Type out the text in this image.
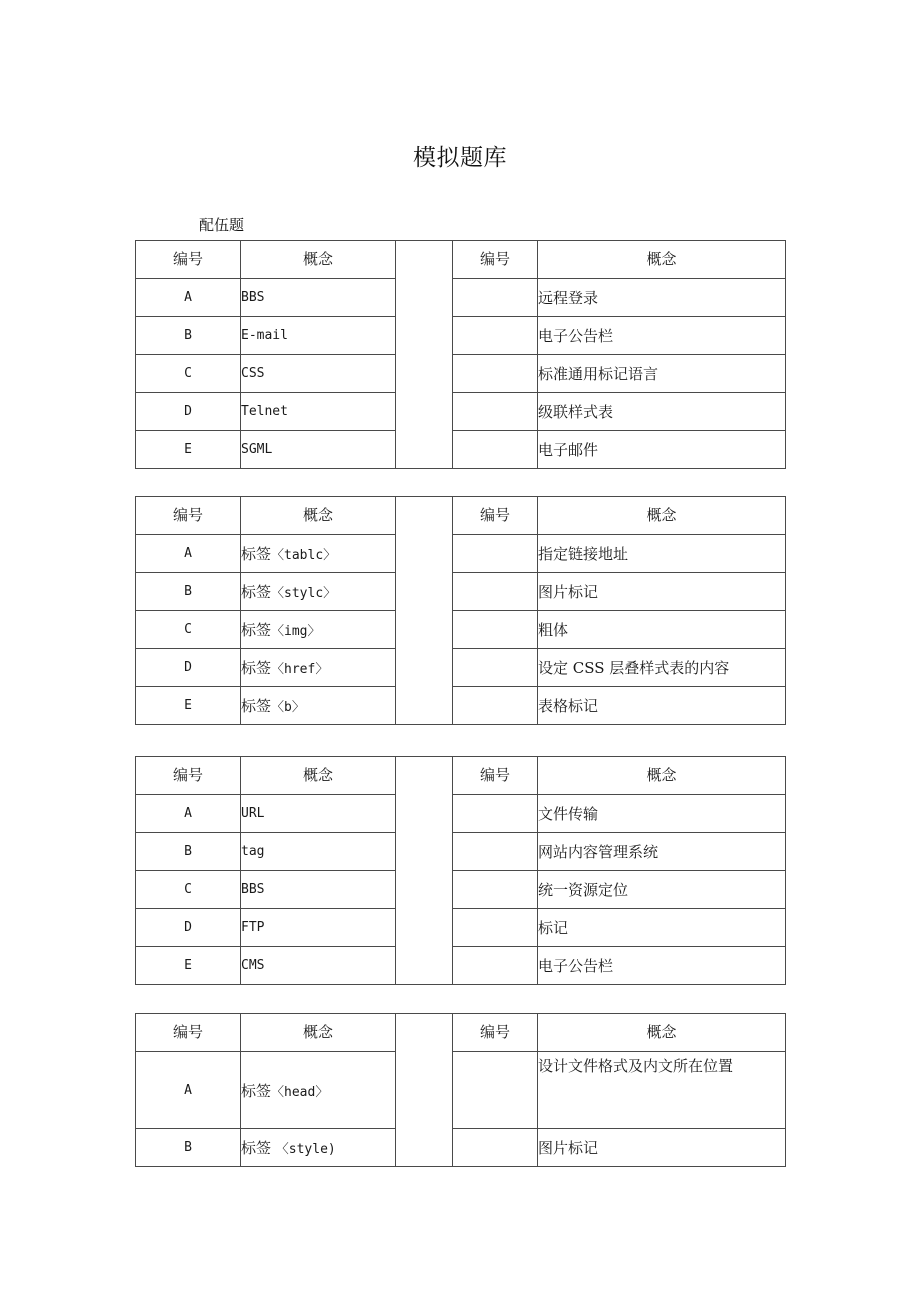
模拟题库
配伍题
编号	概念		编号	概念
A	BBS			远程登录
B	E-mail			电子公告栏
C	CSS			标准通用标记语言
D	Telnet			级联样式表
E	SGML			电子邮件
编号	概念		编号	概念
A	标签〈tablc〉			指定链接地址
B	标签〈stylc〉			图片标记
C	标签〈img〉			粗体
D	标签〈href〉			设定 CSS 层叠样式表的内容
E	标签〈b〉			表格标记
编号	概念		编号	概念
A	URL			文件传输
B	tag			网站内容管理系统
C	BBS			统一资源定位
D	FTP			标记
E	CMS			电子公告栏
编号	概念		编号	概念
A	标签〈head〉			设计文件格式及内文所在位置
B	标签 〈style)			图片标记
